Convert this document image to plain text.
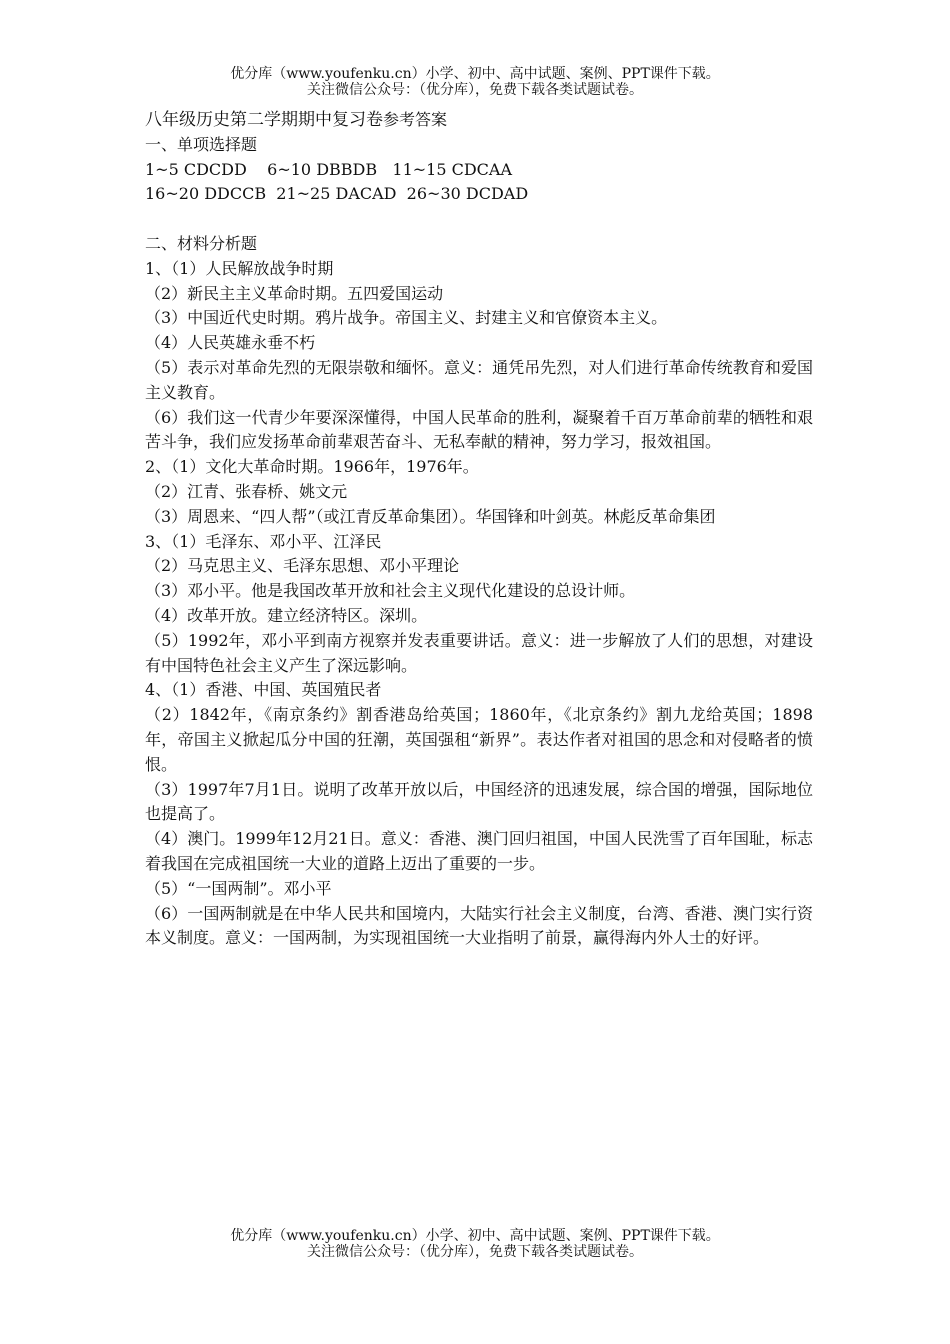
优分库（www.youfenku.cn）小学、初中、高中试题、案例、PPT课件下载。
关注微信公众号：（优分库），免费下载各类试题试卷。
八年级历史第二学期期中复习卷参考答案

一、单项选择题

1~5 CDCDD    6~10 DBBDB   11~15 CDCAA

16~20 DDCCB  21~25 DACAD  26~30 DCDAD

二、材料分析题

1、（1）人民解放战争时期

（2）新民主主义革命时期。五四爱国运动

（3）中国近代史时期。鸦片战争。帝国主义、封建主义和官僚资本主义。

（4）人民英雄永垂不朽

（5）表示对革命先烈的无限崇敬和缅怀。意义：通凭吊先烈，对人们进行革命传统教育和爱国主义教育。

（6）我们这一代青少年要深深懂得，中国人民革命的胜利，凝聚着千百万革命前辈的牺牲和艰苦斗争，我们应发扬革命前辈艰苦奋斗、无私奉献的精神，努力学习，报效祖国。

2、（1）文化大革命时期。1966年，1976年。

（2）江青、张春桥、姚文元

（3）周恩来、“四人帮”（或江青反革命集团）。华国锋和叶剑英。林彪反革命集团

3、（1）毛泽东、邓小平、江泽民

（2）马克思主义、毛泽东思想、邓小平理论

（3）邓小平。他是我国改革开放和社会主义现代化建设的总设计师。

（4）改革开放。建立经济特区。深圳。

（5）1992年，邓小平到南方视察并发表重要讲话。意义：进一步解放了人们的思想，对建设有中国特色社会主义产生了深远影响。

4、（1）香港、中国、英国殖民者

（2）1842年，《南京条约》割香港岛给英国；1860年，《北京条约》割九龙给英国；1898年，帝国主义掀起瓜分中国的狂潮，英国强租“新界”。表达作者对祖国的思念和对侵略者的愤恨。

（3）1997年7月1日。说明了改革开放以后，中国经济的迅速发展，综合国的增强，国际地位也提高了。

（4）澳门。1999年12月21日。意义：香港、澳门回归祖国，中国人民洗雪了百年国耻，标志着我国在完成祖国统一大业的道路上迈出了重要的一步。

（5）“一国两制”。邓小平

（6）一国两制就是在中华人民共和国境内，大陆实行社会主义制度，台湾、香港、澳门实行资本义制度。意义：一国两制，为实现祖国统一大业指明了前景，赢得海内外人士的好评。

优分库（www.youfenku.cn）小学、初中、高中试题、案例、PPT课件下载。
关注微信公众号：（优分库），免费下载各类试题试卷。
